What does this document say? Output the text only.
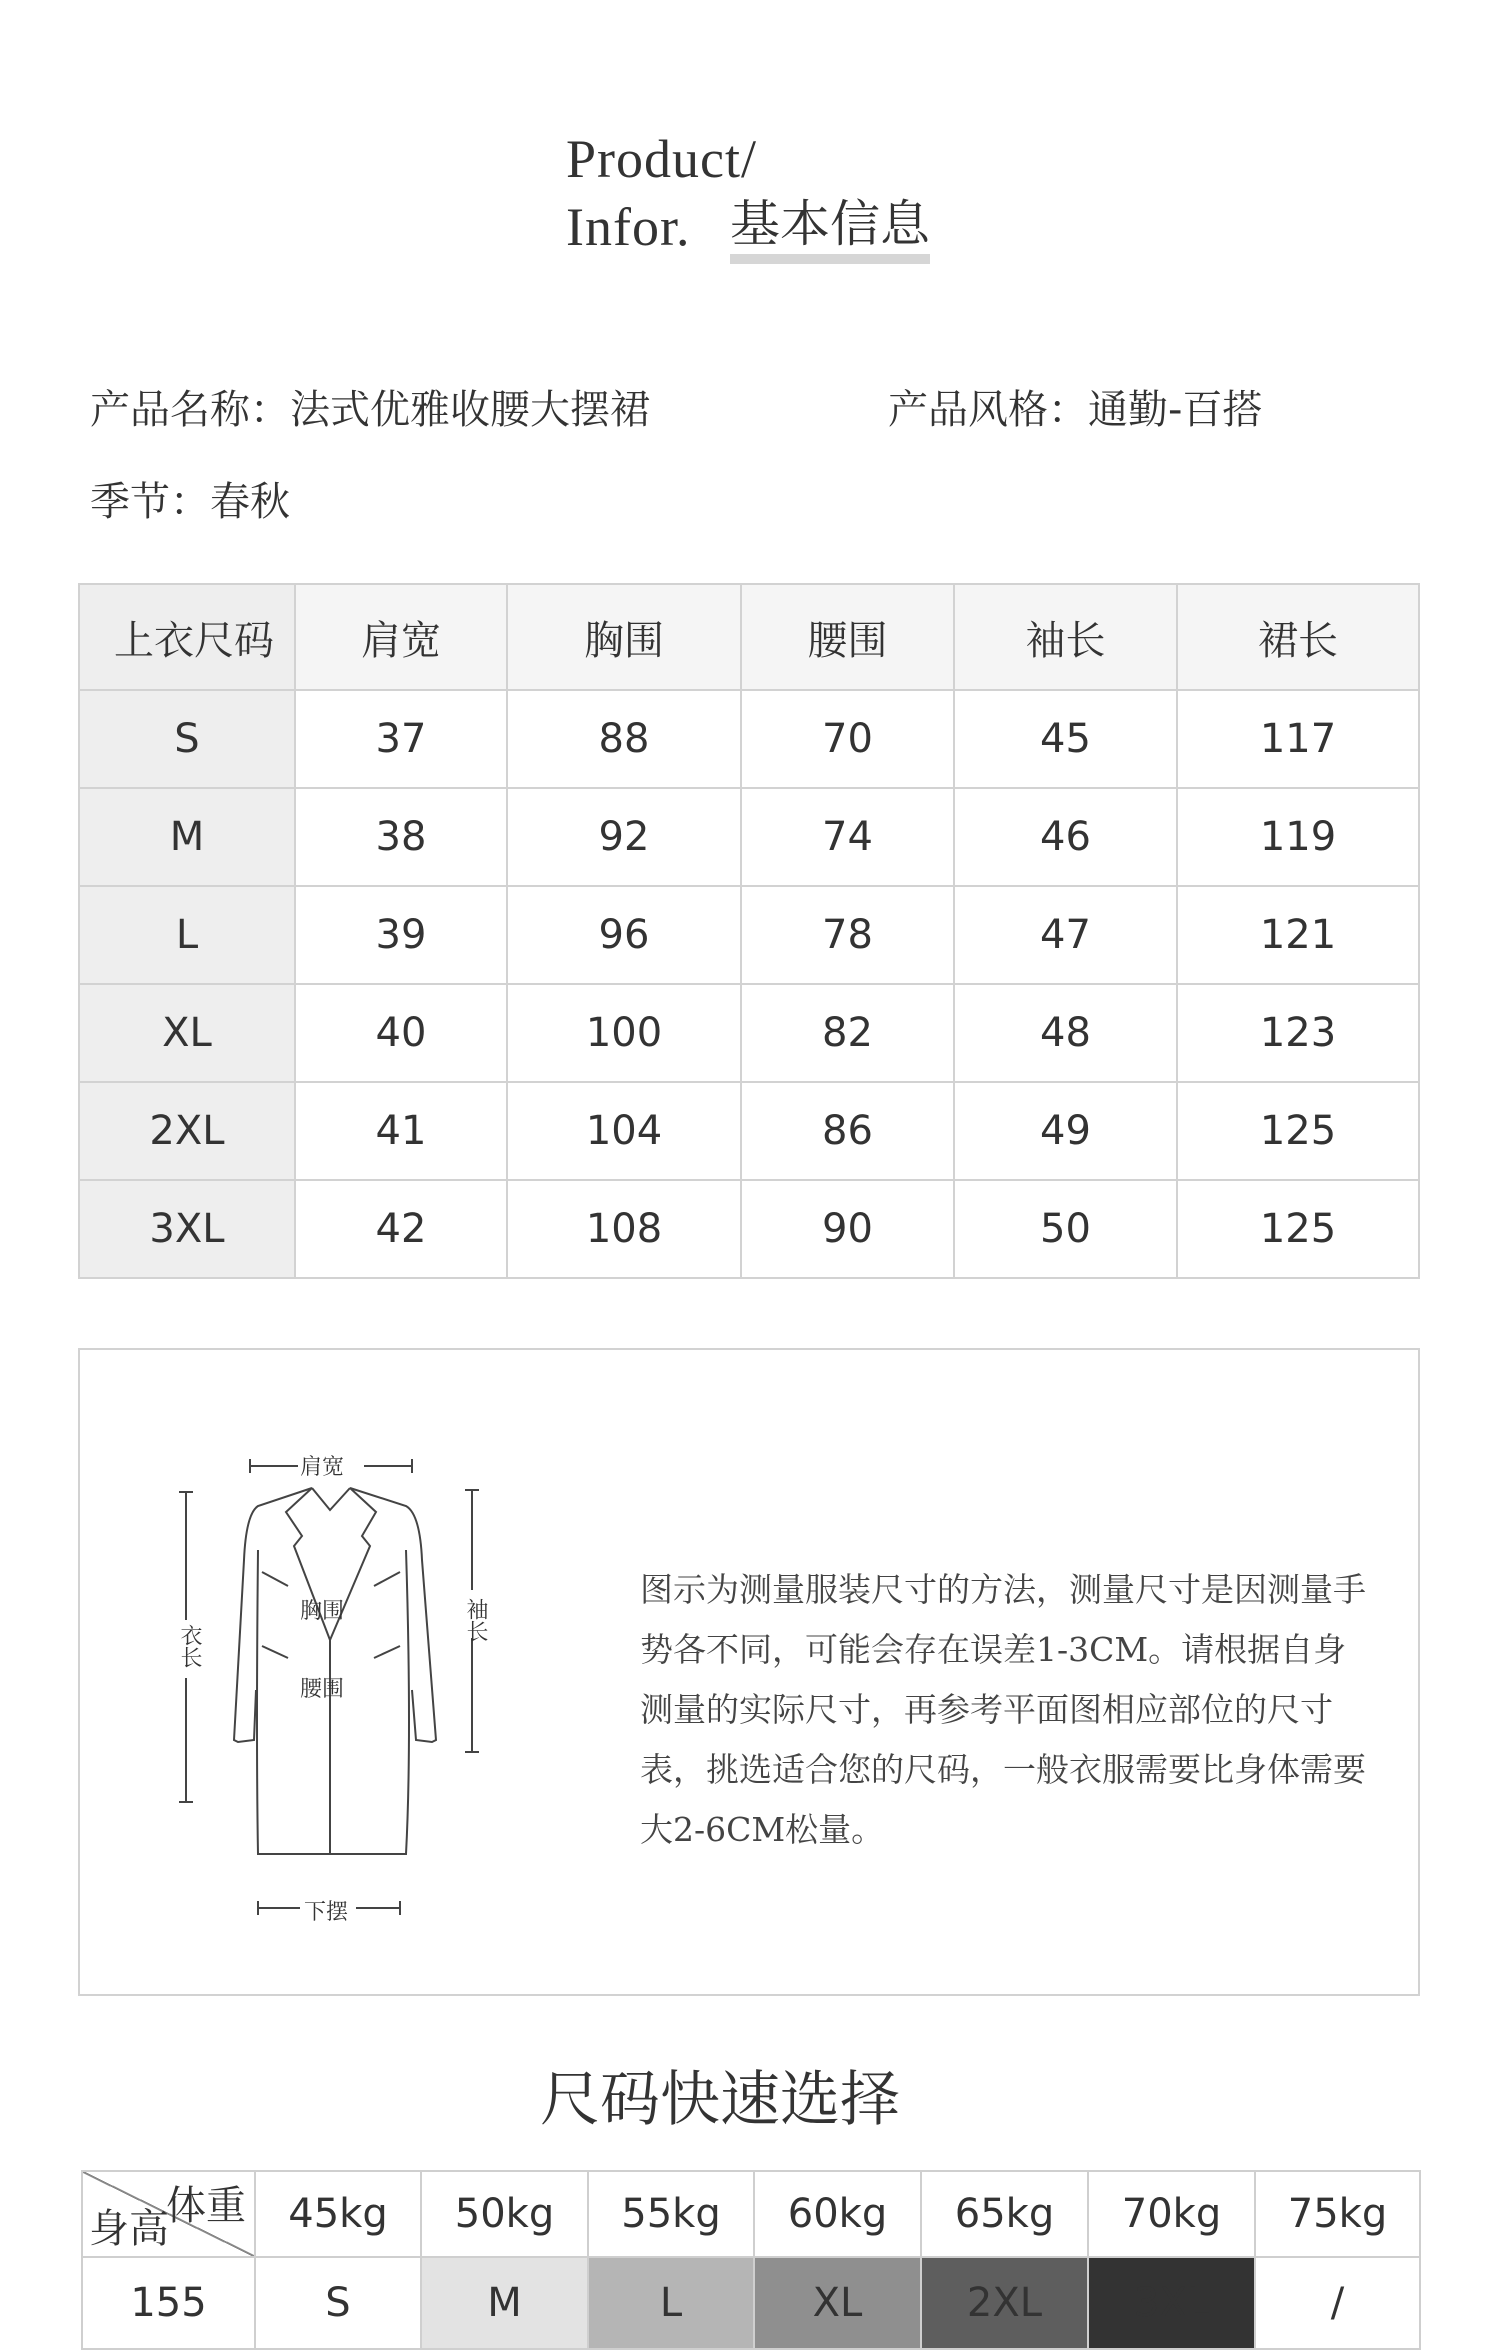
Product/
Infor. 基本信息
产品名称：法式优雅收腰大摆裙	产品风格：通勤-百搭
季节：春秋
上衣尺码	肩宽	胸围	腰围	袖长	裙长
S	37	88	70	45	117
M	38	92	74	46	119
L	39	96	78	47	121
XL	40	100	82	48	123
2XL	41	104	86	49	125
3XL	42	108	90	50	125
肩宽
胸围
腰围
袖长
衣长
下摆
图示为测量服装尺寸的方法，测量尺寸是因测量手势各不同，可能会存在误差1-3CM。请根据自身测量的实际尺寸，再参考平面图相应部位的尺寸表，挑选适合您的尺码，一般衣服需要比身体需要大2-6CM松量。
尺码快速选择
体重
身高	45kg	50kg	55kg	60kg	65kg	70kg	75kg
155	S	M	L	XL	2XL	3XL	/
